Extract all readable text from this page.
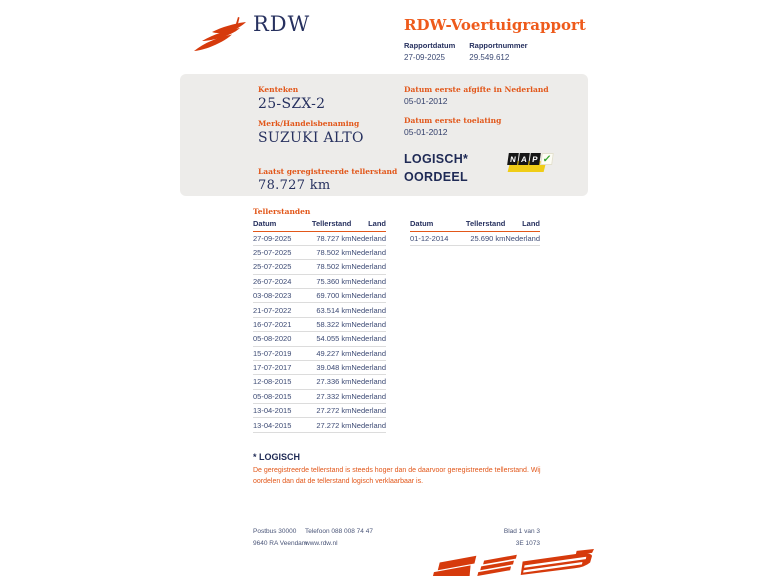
RDW	RDW-Voertuigrapport
Rapportdatum
27-09-2025
Rapportnummer
29.549.612
Kenteken
25-SZX-2
Merk/Handelsbenaming
SUZUKI ALTO
Laatst geregistreerde tellerstand
78.727 km
Datum eerste afgifte in Nederland
05-01-2012
Datum eerste toelating
05-01-2012
LOGISCH*
OORDEEL
N A P ✓
Tellerstanden
Datum	Tellerstand	Land
27-09-2025	78.727 km	Nederland
25-07-2025	78.502 km	Nederland
25-07-2025	78.502 km	Nederland
26-07-2024	75.360 km	Nederland
03-08-2023	69.700 km	Nederland
21-07-2022	63.514 km	Nederland
16-07-2021	58.322 km	Nederland
05-08-2020	54.055 km	Nederland
15-07-2019	49.227 km	Nederland
17-07-2017	39.048 km	Nederland
12-08-2015	27.336 km	Nederland
05-08-2015	27.332 km	Nederland
13-04-2015	27.272 km	Nederland
13-04-2015	27.272 km	Nederland
Datum	Tellerstand	Land
01-12-2014	25.690 km	Nederland
* LOGISCH
De geregistreerde tellerstand is steeds hoger dan de daarvoor geregistreerde tellerstand. Wij oordelen dan dat de tellerstand logisch verklaarbaar is.
Postbus 30000
9640 RA Veendam
Telefoon 088 008 74 47
www.rdw.nl
Blad 1 van 3
3E 1073
